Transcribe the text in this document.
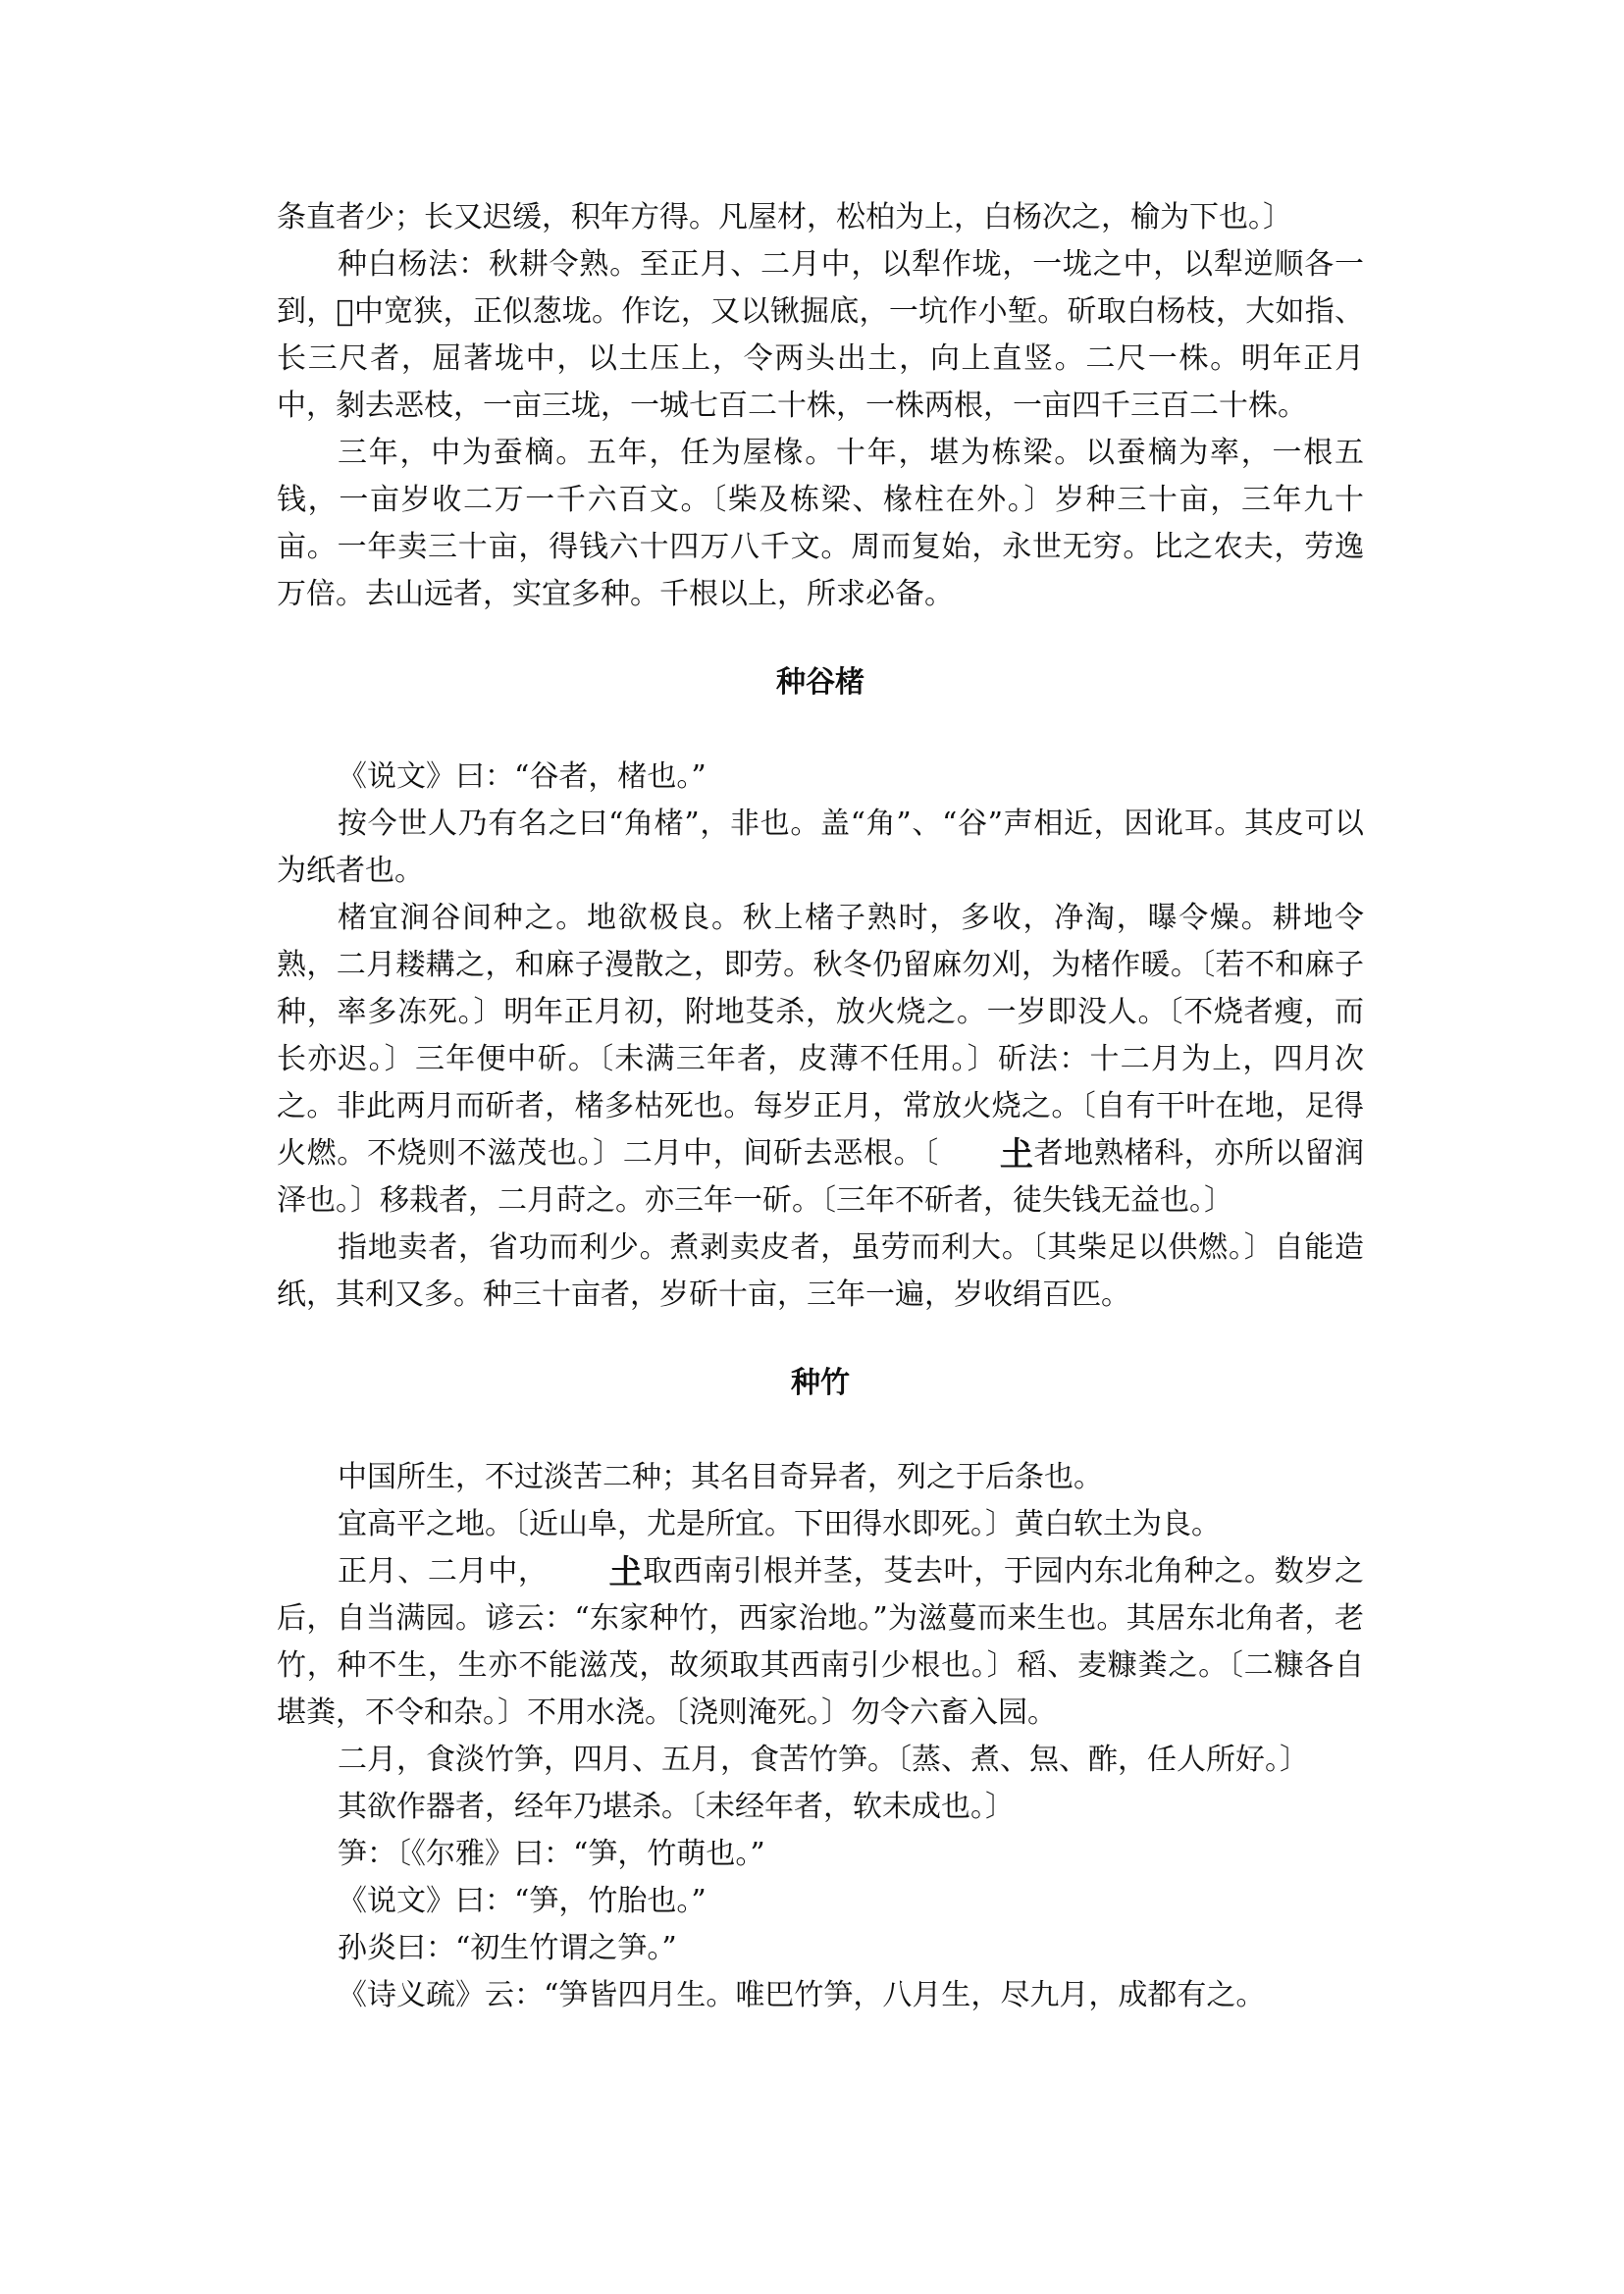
条直者少；长又迟缓，积年方得。凡屋材，松柏为上，白杨次之，榆为下也。〕

种白杨法：秋耕令熟。至正月、二月中，以犁作垅，一垅之中，以犁逆顺各一到，𤳲中宽狭，正似葱垅。作讫，又以锹掘底，一坑作小堑。斫取白杨枝，大如指、长三尺者，屈著垅中，以土压上，令两头出土，向上直竖。二尺一株。明年正月中，剶去恶枝，一亩三垅，一城七百二十株，一株两根，一亩四千三百二十株。

三年，中为蚕樀。五年，任为屋椽。十年，堪为栋梁。以蚕樀为率，一根五钱，一亩岁收二万一千六百文。〔柴及栋梁、椽柱在外。〕岁种三十亩，三年九十亩。一年卖三十亩，得钱六十四万八千文。周而复始，永世无穷。比之农夫，劳逸万倍。去山远者，实宜多种。千根以上，所求必备。

种谷楮

《说文》曰：“谷者，楮也。”

按今世人乃有名之曰“角楮”，非也。盖“角”、“谷”声相近，因讹耳。其皮可以为纸者也。

楮宜涧谷间种之。地欲极良。秋上楮子熟时，多收，净淘，曝令燥。耕地令熟，二月耧耩之，和麻子漫散之，即劳。秋冬仍留麻勿刈，为楮作暖。〔若不和麻子种，率多冻死。〕明年正月初，附地芟杀，放火烧之。一岁即没人。〔不烧者瘦，而长亦迟。〕三年便中斫。〔未满三年者，皮薄不任用。〕斫法：十二月为上，四月次之。非此两月而斫者，楮多枯死也。每岁正月，常放火烧之。〔自有干叶在地，足得火燃。不烧则不滋茂也。〕二月中，间斫去恶根。〔 𡈽者地熟楮科，亦所以留润泽也。〕移栽者，二月莳之。亦三年一斫。〔三年不斫者，徒失钱无益也。〕

指地卖者，省功而利少。煮剥卖皮者，虽劳而利大。〔其柴足以供燃。〕自能造纸，其利又多。种三十亩者，岁斫十亩，三年一遍，岁收绢百匹。

种竹

中国所生，不过淡苦二种；其名目奇异者，列之于后条也。

宜高平之地。〔近山阜，尤是所宜。下田得水即死。〕黄白软土为良。

正月、二月中， 𡈽取西南引根并茎，芟去叶，于园内东北角种之。数岁之后，自当满园。谚云：“东家种竹，西家治地。”为滋蔓而来生也。其居东北角者，老竹，种不生，生亦不能滋茂，故须取其西南引少根也。〕稻、麦糠粪之。〔二糠各自堪粪，不令和杂。〕不用水浇。〔浇则淹死。〕勿令六畜入园。

二月，食淡竹笋，四月、五月，食苦竹笋。〔蒸、煮、炰、酢，任人所好。〕

其欲作器者，经年乃堪杀。〔未经年者，软未成也。〕

笋：〔《尔雅》曰：“笋，竹萌也。”

《说文》曰：“笋，竹胎也。”

孙炎曰：“初生竹谓之笋。”

《诗义疏》云：“笋皆四月生。唯巴竹笋，八月生，尽九月，成都有之。
